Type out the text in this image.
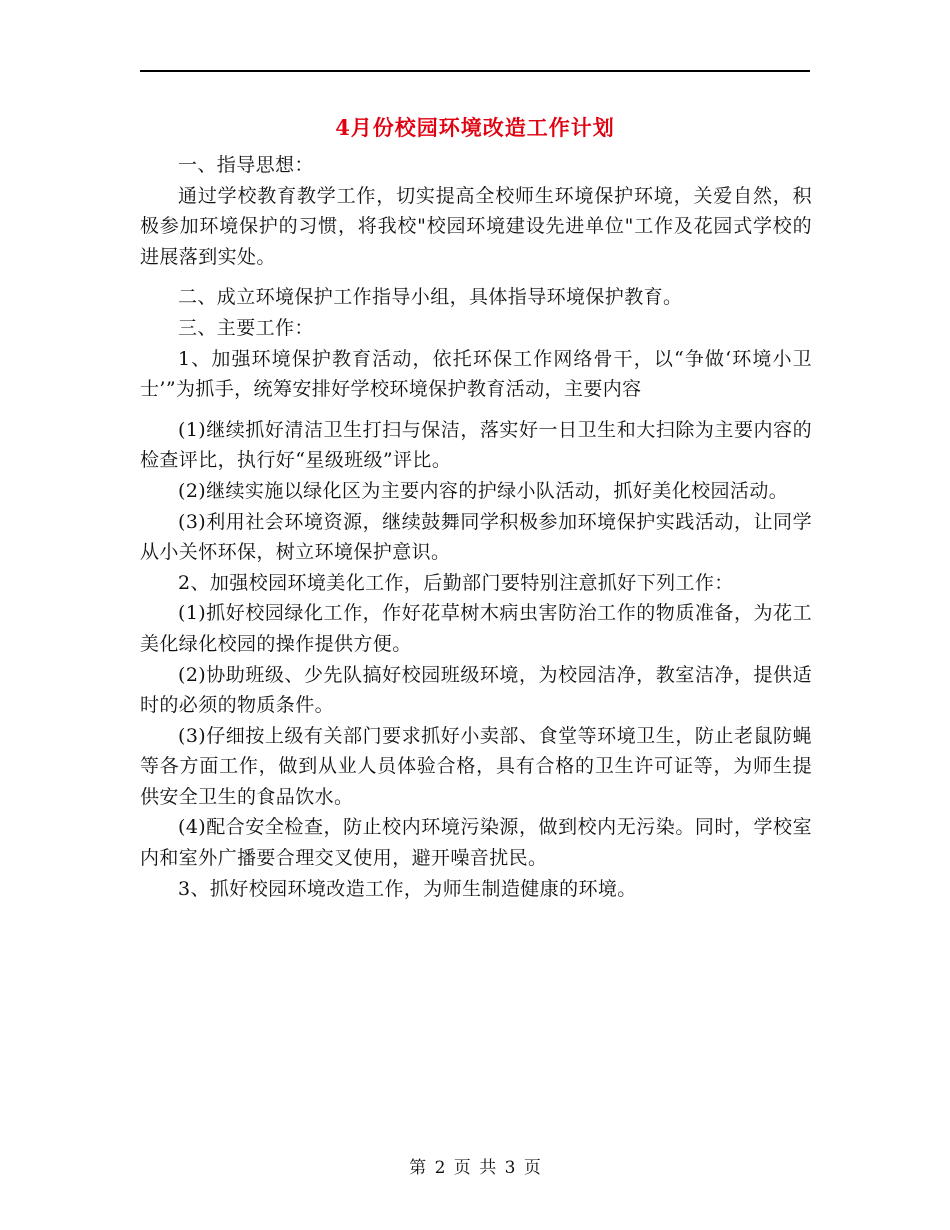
4月份校园环境改造工作计划

一、指导思想：

通过学校教育教学工作，切实提高全校师生环境保护环境，关爱自然，积极参加环境保护的习惯，将我校"校园环境建设先进单位"工作及花园式学校的进展落到实处。

二、成立环境保护工作指导小组，具体指导环境保护教育。

三、主要工作：

1、加强环境保护教育活动，依托环保工作网络骨干，以“争做‘环境小卫士’”为抓手，统筹安排好学校环境保护教育活动，主要内容

(1)继续抓好清洁卫生打扫与保洁，落实好一日卫生和大扫除为主要内容的检查评比，执行好“星级班级”评比。

(2)继续实施以绿化区为主要内容的护绿小队活动，抓好美化校园活动。

(3)利用社会环境资源，继续鼓舞同学积极参加环境保护实践活动，让同学从小关怀环保，树立环境保护意识。

2、加强校园环境美化工作，后勤部门要特别注意抓好下列工作：

(1)抓好校园绿化工作，作好花草树木病虫害防治工作的物质准备，为花工美化绿化校园的操作提供方便。

(2)协助班级、少先队搞好校园班级环境，为校园洁净，教室洁净，提供适时的必须的物质条件。

(3)仔细按上级有关部门要求抓好小卖部、食堂等环境卫生，防止老鼠防蝇等各方面工作，做到从业人员体验合格，具有合格的卫生许可证等，为师生提供安全卫生的食品饮水。

(4)配合安全检查，防止校内环境污染源，做到校内无污染。同时，学校室内和室外广播要合理交叉使用，避开噪音扰民。

3、抓好校园环境改造工作，为师生制造健康的环境。

第 2 页 共 3 页
